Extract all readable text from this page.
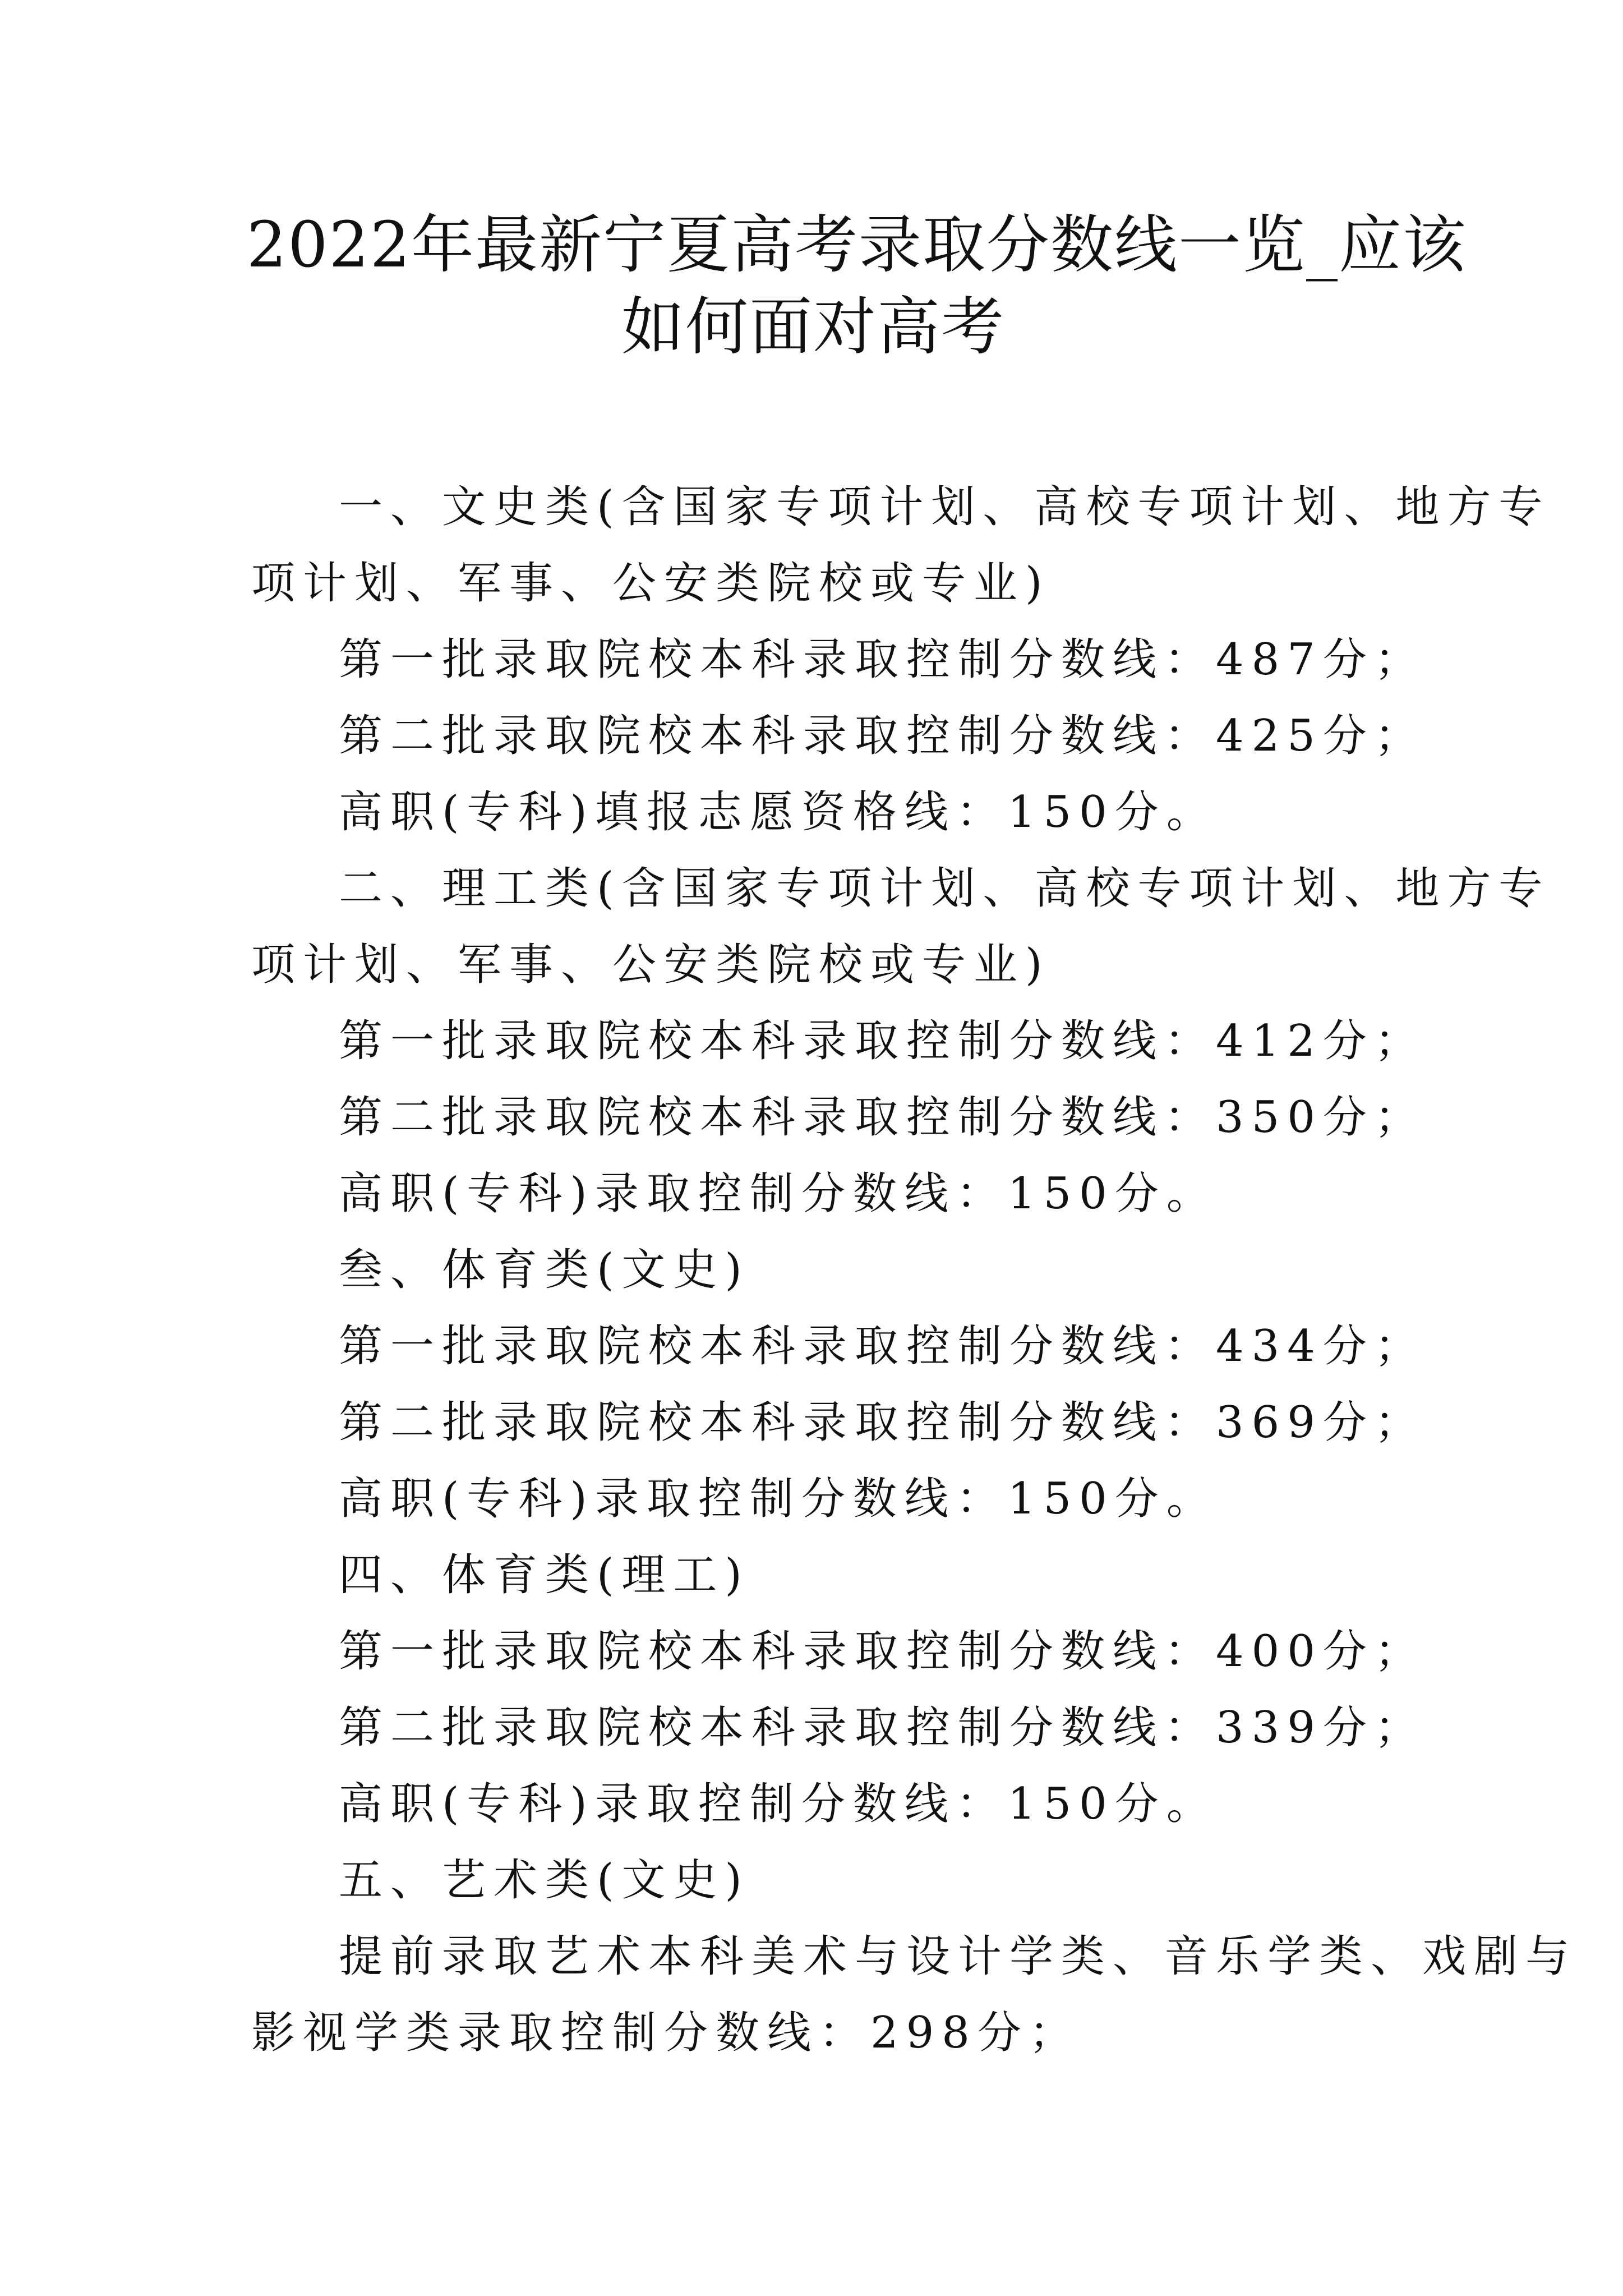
2022年最新宁夏高考录取分数线一览_应该
如何面对高考

一、文史类(含国家专项计划、高校专项计划、地方专

项计划、军事、公安类院校或专业)

第一批录取院校本科录取控制分数线：487分；

第二批录取院校本科录取控制分数线：425分；

高职(专科)填报志愿资格线：150分。

二、理工类(含国家专项计划、高校专项计划、地方专

项计划、军事、公安类院校或专业)

第一批录取院校本科录取控制分数线：412分；

第二批录取院校本科录取控制分数线：350分；

高职(专科)录取控制分数线：150分。

叁、体育类(文史)

第一批录取院校本科录取控制分数线：434分；

第二批录取院校本科录取控制分数线：369分；

高职(专科)录取控制分数线：150分。

四、体育类(理工)

第一批录取院校本科录取控制分数线：400分；

第二批录取院校本科录取控制分数线：339分；

高职(专科)录取控制分数线：150分。

五、艺术类(文史)

提前录取艺术本科美术与设计学类、音乐学类、戏剧与

影视学类录取控制分数线：298分；
